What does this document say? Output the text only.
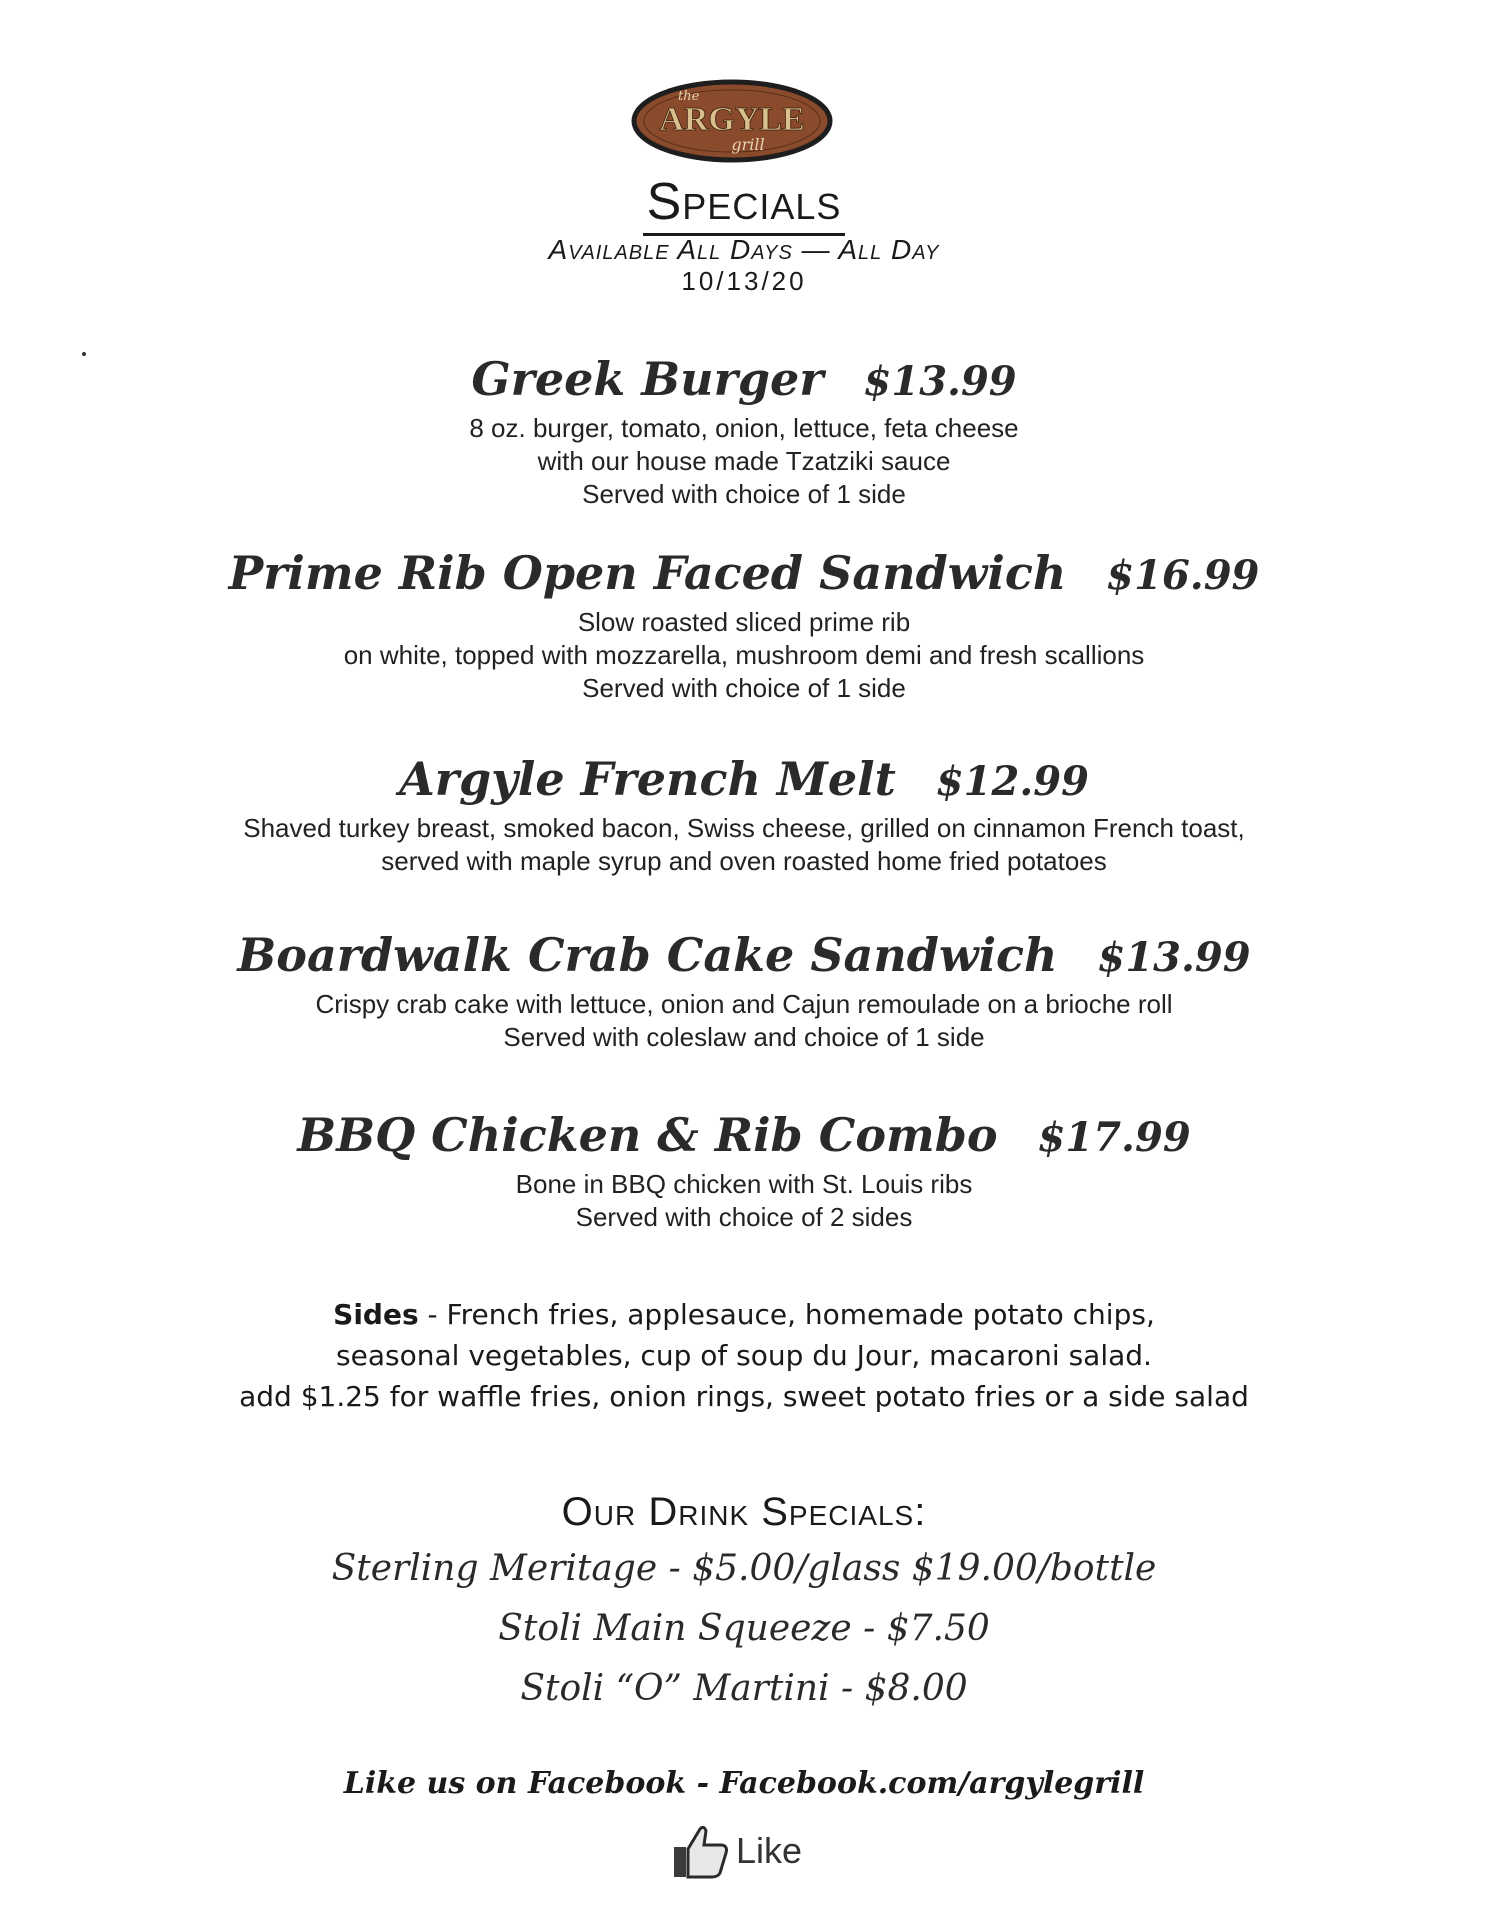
the
ARGYLE
grill
Specials
Available All Days — All Day
10/13/20
Greek Burger $13.99
8 oz. burger, tomato, onion, lettuce, feta cheese
with our house made Tzatziki sauce
Served with choice of 1 side
Prime Rib Open Faced Sandwich $16.99
Slow roasted sliced prime rib
on white, topped with mozzarella, mushroom demi and fresh scallions
Served with choice of 1 side
Argyle French Melt $12.99
Shaved turkey breast, smoked bacon, Swiss cheese, grilled on cinnamon French toast,
served with maple syrup and oven roasted home fried potatoes
Boardwalk Crab Cake Sandwich $13.99
Crispy crab cake with lettuce, onion and Cajun remoulade on a brioche roll
Served with coleslaw and choice of 1 side
BBQ Chicken & Rib Combo $17.99
Bone in BBQ chicken with St. Louis ribs
Served with choice of 2 sides
Sides - French fries, applesauce, homemade potato chips,
seasonal vegetables, cup of soup du Jour, macaroni salad.
add $1.25 for waffle fries, onion rings, sweet potato fries or a side salad
Our Drink Specials:
Sterling Meritage - $5.00/glass $19.00/bottle
Stoli Main Squeeze - $7.50
Stoli “O” Martini - $8.00
Like us on Facebook - Facebook.com/argylegrill
Like
